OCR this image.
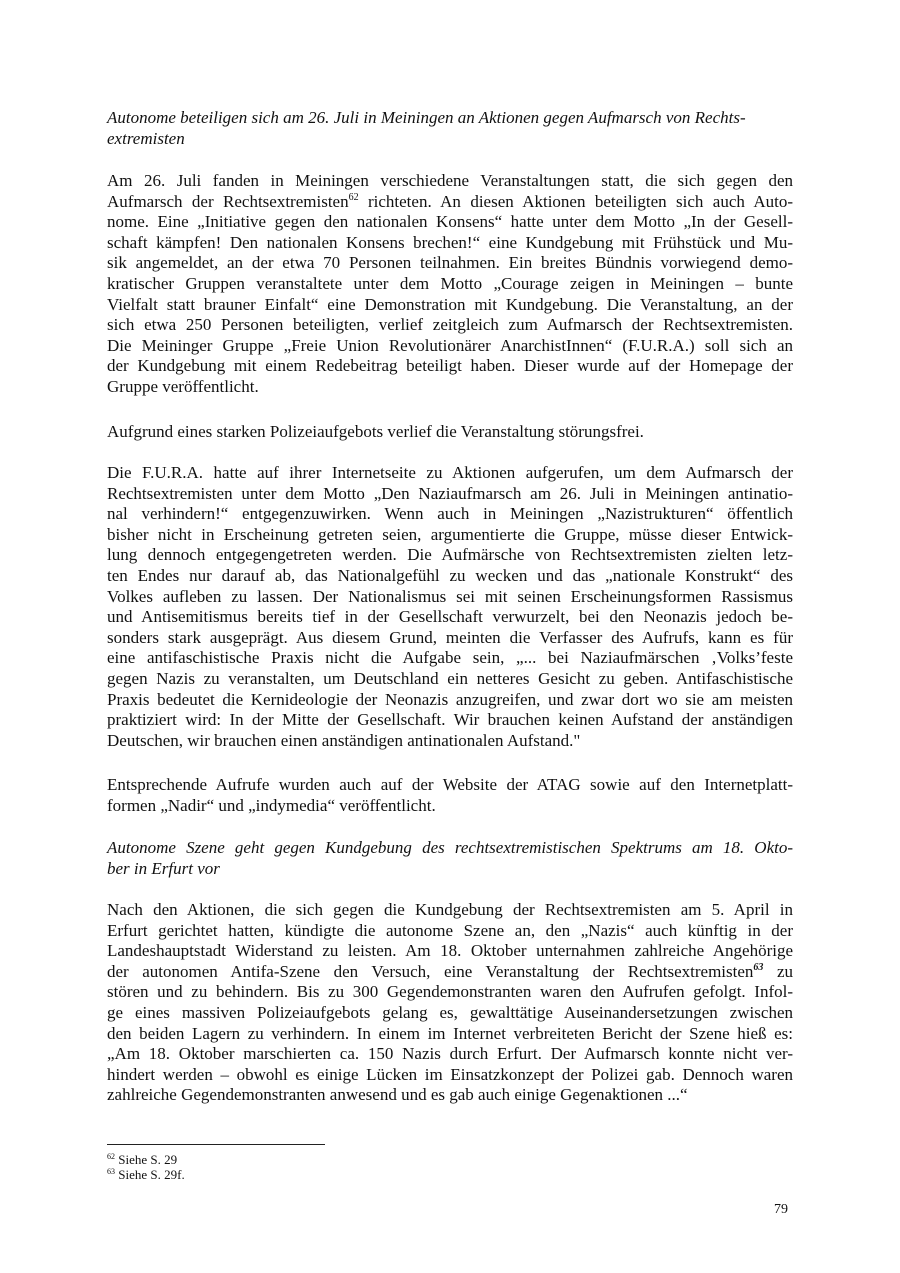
Autonome beteiligen sich am 26. Juli in Meiningen an Aktionen gegen Aufmarsch von Rechts-
extremisten
Am 26. Juli fanden in Meiningen verschiedene Veranstaltungen statt, die sich gegen den
Aufmarsch der Rechtsextremisten$^{62}$ richteten. An diesen Aktionen beteiligten sich auch Auto-
nome. Eine „Initiative gegen den nationalen Konsens“ hatte unter dem Motto „In der Gesell-
schaft kämpfen! Den nationalen Konsens brechen!“ eine Kundgebung mit Frühstück und Mu-
sik angemeldet, an der etwa 70 Personen teilnahmen. Ein breites Bündnis vorwiegend demo-
kratischer Gruppen veranstaltete unter dem Motto „Courage zeigen in Meiningen – bunte
Vielfalt statt brauner Einfalt“ eine Demonstration mit Kundgebung. Die Veranstaltung, an der
sich etwa 250 Personen beteiligten, verlief zeitgleich zum Aufmarsch der Rechtsextremisten.
Die Meininger Gruppe „Freie Union Revolutionärer AnarchistInnen“ (F.U.R.A.) soll sich an
der Kundgebung mit einem Redebeitrag beteiligt haben. Dieser wurde auf der Homepage der
Gruppe veröffentlicht.
Aufgrund eines starken Polizeiaufgebots verlief die Veranstaltung störungsfrei.
Die F.U.R.A. hatte auf ihrer Internetseite zu Aktionen aufgerufen, um dem Aufmarsch der
Rechtsextremisten unter dem Motto „Den Naziaufmarsch am 26. Juli in Meiningen antinatio-
nal verhindern!“ entgegenzuwirken. Wenn auch in Meiningen „Nazistrukturen“ öffentlich
bisher nicht in Erscheinung getreten seien, argumentierte die Gruppe, müsse dieser Entwick-
lung dennoch entgegengetreten werden. Die Aufmärsche von Rechtsextremisten zielten letz-
ten Endes nur darauf ab, das Nationalgefühl zu wecken und das „nationale Konstrukt“ des
Volkes aufleben zu lassen. Der Nationalismus sei mit seinen Erscheinungsformen Rassismus
und Antisemitismus bereits tief in der Gesellschaft verwurzelt, bei den Neonazis jedoch be-
sonders stark ausgeprägt. Aus diesem Grund, meinten die Verfasser des Aufrufs, kann es für
eine antifaschistische Praxis nicht die Aufgabe sein, „... bei Naziaufmärschen ‚Volks’feste
gegen Nazis zu veranstalten, um Deutschland ein netteres Gesicht zu geben. Antifaschistische
Praxis bedeutet die Kernideologie der Neonazis anzugreifen, und zwar dort wo sie am meisten
praktiziert wird: In der Mitte der Gesellschaft. Wir brauchen keinen Aufstand der anständigen
Deutschen, wir brauchen einen anständigen antinationalen Aufstand."
Entsprechende Aufrufe wurden auch auf der Website der ATAG sowie auf den Internetplatt-
formen „Nadir“ und „indymedia“ veröffentlicht.
Autonome Szene geht gegen Kundgebung des rechtsextremistischen Spektrums am 18. Okto-
ber in Erfurt vor
Nach den Aktionen, die sich gegen die Kundgebung der Rechtsextremisten am 5. April in
Erfurt gerichtet hatten, kündigte die autonome Szene an, den „Nazis“ auch künftig in der
Landeshauptstadt Widerstand zu leisten. Am 18. Oktober unternahmen zahlreiche Angehörige
der autonomen Antifa-Szene den Versuch, eine Veranstaltung der Rechtsextremisten$^{63}$ zu
stören und zu behindern. Bis zu 300 Gegendemonstranten waren den Aufrufen gefolgt. Infol-
ge eines massiven Polizeiaufgebots gelang es, gewalttätige Auseinandersetzungen zwischen
den beiden Lagern zu verhindern. In einem im Internet verbreiteten Bericht der Szene hieß es:
„Am 18. Oktober marschierten ca. 150 Nazis durch Erfurt. Der Aufmarsch konnte nicht ver-
hindert werden – obwohl es einige Lücken im Einsatzkonzept der Polizei gab. Dennoch waren
zahlreiche Gegendemonstranten anwesend und es gab auch einige Gegenaktionen ...“
$^{62}$ Siehe S. 29
$^{63}$ Siehe S. 29f.
79
